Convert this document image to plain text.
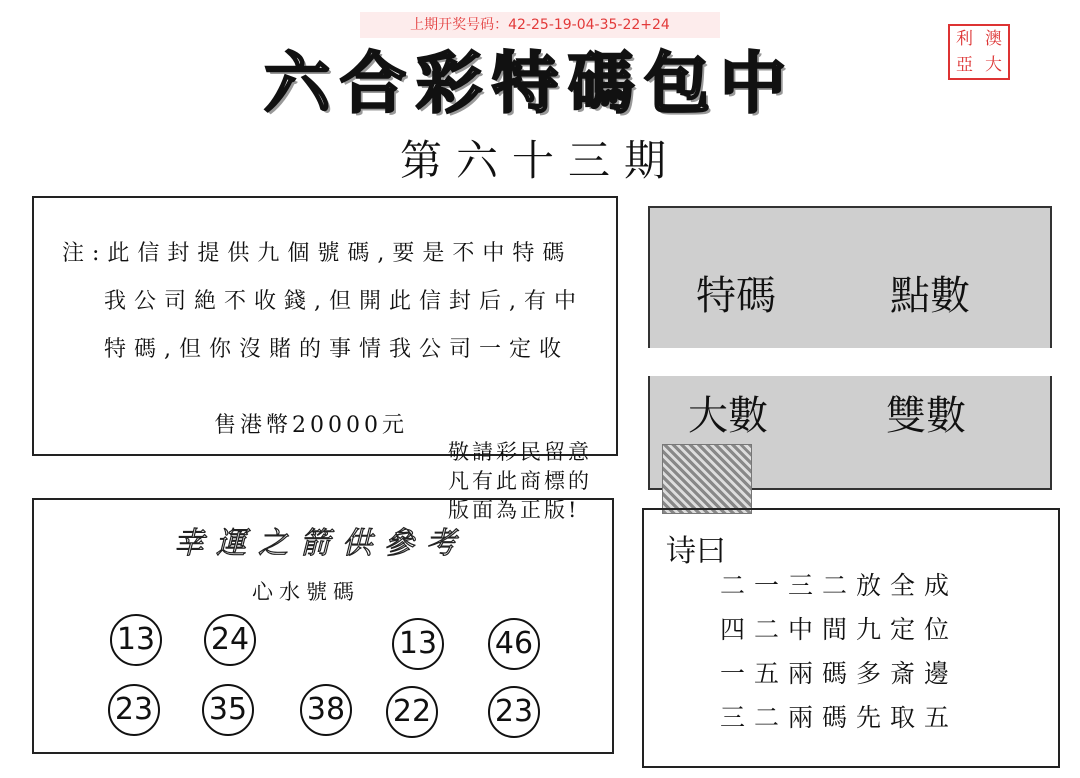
上期开奖号码：42-25-19-04-35-22+24
六合彩特碼包中
利 澳
亞 大
第六十三期
注:此信封提供九個號碼,要是不中特碼
我公司絶不收錢,但開此信封后,有中
特碼,但你沒賭的事情我公司一定收
售港幣20000元
特碼	點數
大數	雙數
敬請彩民留意
凡有此商標的
版面為正版!
幸運之箭供參考
心水號碼
13 24	13 46
23 35 38 22 23
诗曰
二一三二放全成
四二中間九定位
一五兩碼多斎邊
三二兩碼先取五
